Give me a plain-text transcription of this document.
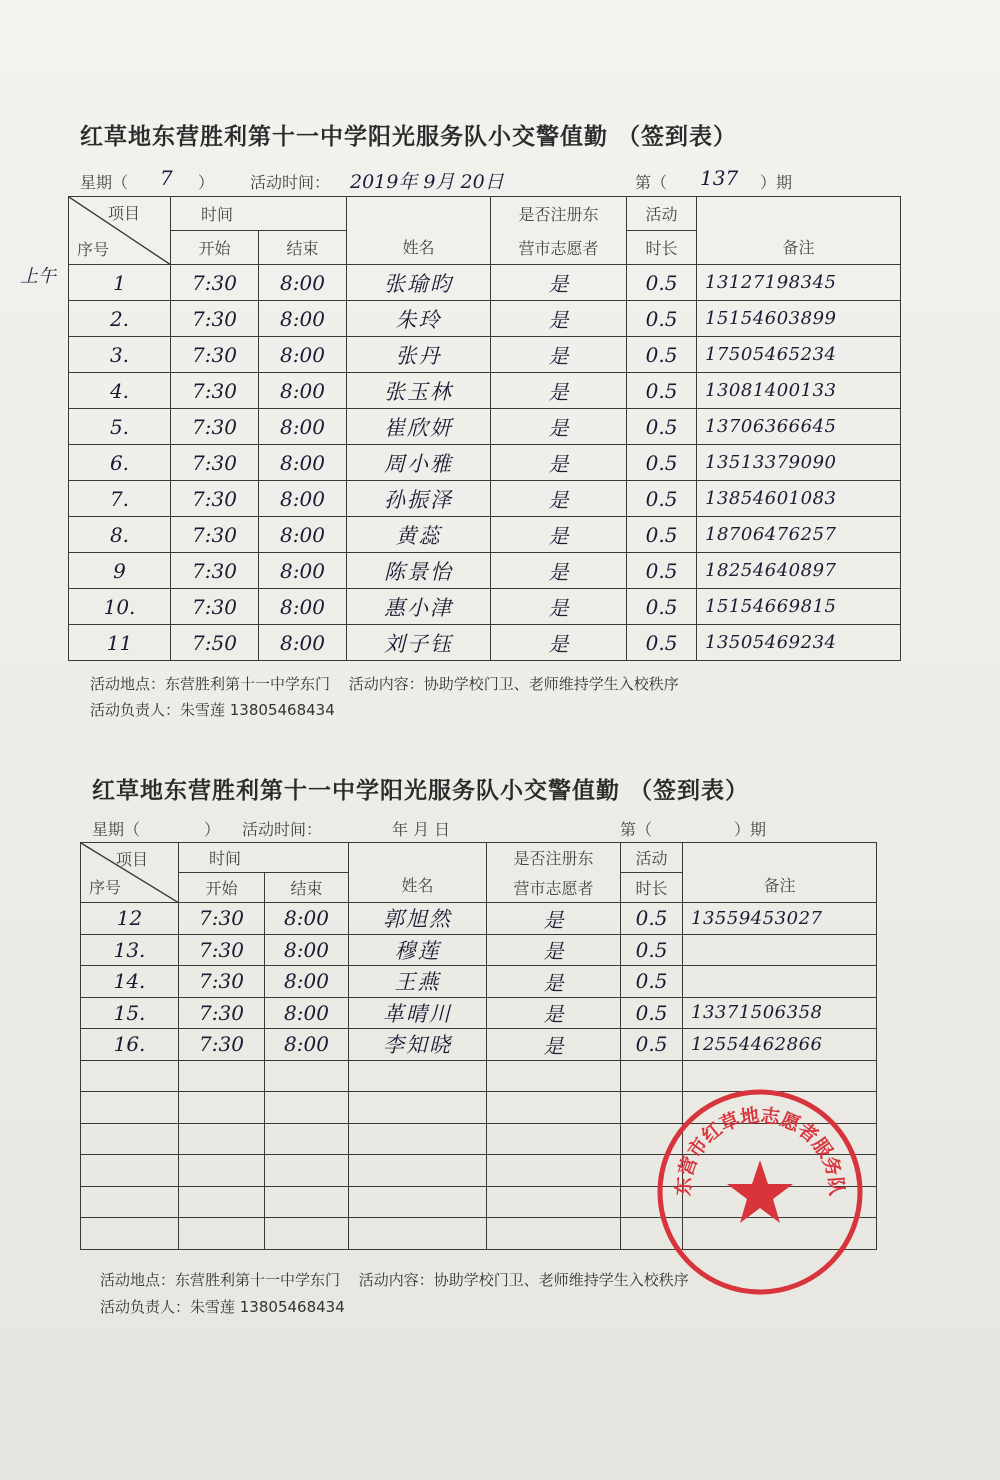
红草地东营胜利第十一中学阳光服务队小交警值勤 （签到表）
星期（ 7 ） 活动时间： 2019年 9月 20日	第（ 137 ）期
上午
项目
序号	时间		姓名	是否注册东	活动	备注
	开始	结束		营市志愿者	时长	
1	7:30	8:00	张瑜昀	是	0.5	13127198345
2.	7:30	8:00	朱玲	是	0.5	15154603899
3.	7:30	8:00	张丹	是	0.5	17505465234
4.	7:30	8:00	张玉林	是	0.5	13081400133
5.	7:30	8:00	崔欣妍	是	0.5	13706366645
6.	7:30	8:00	周小雅	是	0.5	13513379090
7.	7:30	8:00	孙振泽	是	0.5	13854601083
8.	7:30	8:00	黄蕊	是	0.5	18706476257
9	7:30	8:00	陈景怡	是	0.5	18254640897
10.	7:30	8:00	惠小津	是	0.5	15154669815
11	7:50	8:00	刘子钰	是	0.5	13505469234
活动地点：东营胜利第十一中学东门 活动内容：协助学校门卫、老师维持学生入校秩序
活动负责人：朱雪莲 13805468434
红草地东营胜利第十一中学阳光服务队小交警值勤 （签到表）
星期（	） 活动时间：	年 月 日	第（	）期
项目
序号	时间		姓名	是否注册东	活动	备注
	开始	结束		营市志愿者	时长	
12	7:30	8:00	郭旭然	是	0.5	13559453027
13.	7:30	8:00	穆莲	是	0.5	
14.	7:30	8:00	王燕	是	0.5	
15.	7:30	8:00	革晴川	是	0.5	13371506358
16.	7:30	8:00	李知晓	是	0.5	12554462866

活动地点：东营胜利第十一中学东门 活动内容：协助学校门卫、老师维持学生入校秩序
活动负责人：朱雪莲 13805468434
东营市红草地志愿者服务队
